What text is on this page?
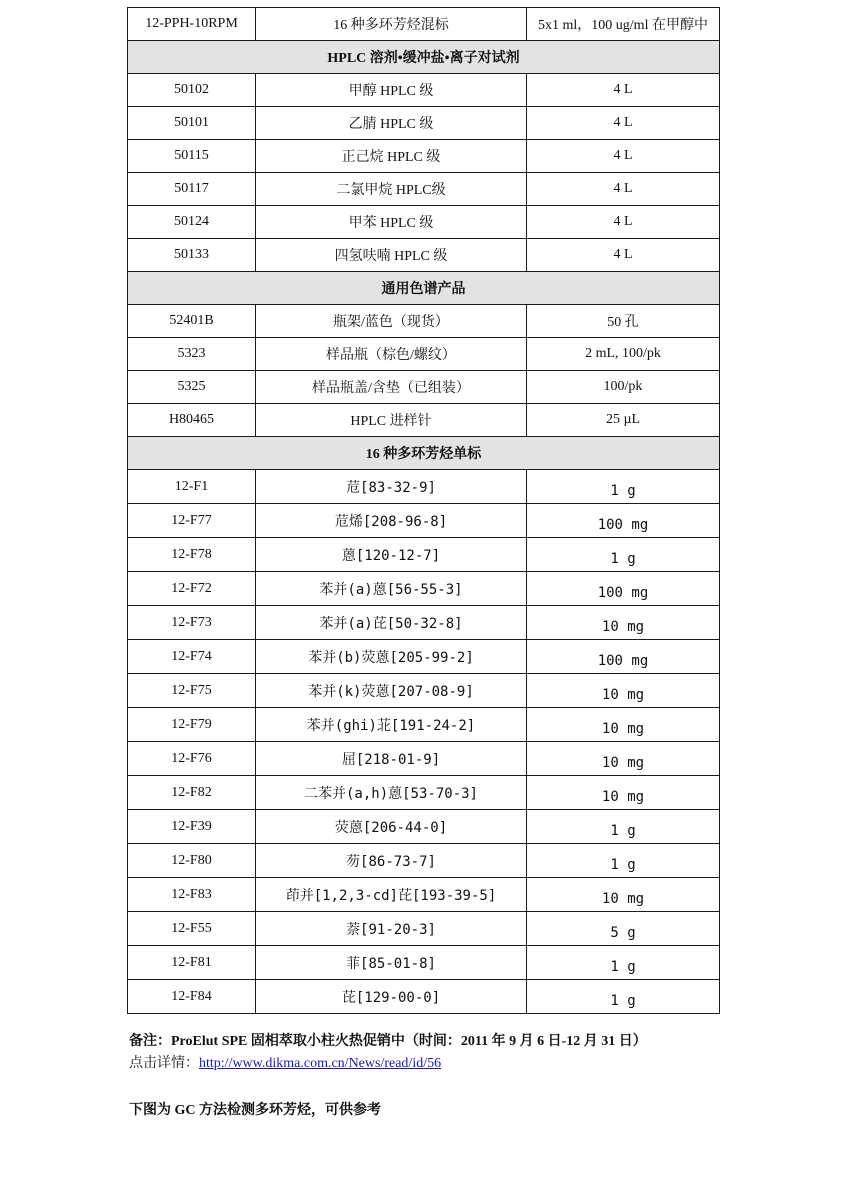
12-PPH-10RPM	16 种多环芳烃混标	5x1 ml，100 ug/ml 在甲醇中
HPLC 溶剂•缓冲盐•离子对试剂		
50102	甲醇 HPLC 级	4 L
50101	乙腈 HPLC 级	4 L
50115	正己烷 HPLC 级	4 L
50117	二氯甲烷 HPLC级	4 L
50124	甲苯 HPLC 级	4 L
50133	四氢呋喃 HPLC 级	4 L
通用色谱产品		
52401B	瓶架/蓝色（现货）	50 孔
5323	样品瓶（棕色/螺纹）	2 mL, 100/pk
5325	样品瓶盖/含垫（已组装）	100/pk
H80465	HPLC 进样针	25 µL
16 种多环芳烃单标		
12-F1	苊[83-32-9]	1 g
12-F77	苊烯[208-96-8]	100 mg
12-F78	蒽[120-12-7]	1 g
12-F72	苯并(a)蒽[56-55-3]	100 mg
12-F73	苯并(a)芘[50-32-8]	10 mg
12-F74	苯并(b)荧蒽[205-99-2]	100 mg
12-F75	苯并(k)荧蒽[207-08-9]	10 mg
12-F79	苯并(ghi)苝[191-24-2]	10 mg
12-F76	屈[218-01-9]	10 mg
12-F82	二苯并(a,h)蒽[53-70-3]	10 mg
12-F39	荧蒽[206-44-0]	1 g
12-F80	芴[86-73-7]	1 g
12-F83	茚并[1,2,3-cd]芘[193-39-5]	10 mg
12-F55	萘[91-20-3]	5 g
12-F81	菲[85-01-8]	1 g
12-F84	芘[129-00-0]	1 g
备注：ProElut SPE 固相萃取小柱火热促销中（时间：2011 年 9 月 6 日-12 月 31 日）
点击详情：http://www.dikma.com.cn/News/read/id/56
下图为 GC 方法检测多环芳烃，可供参考
